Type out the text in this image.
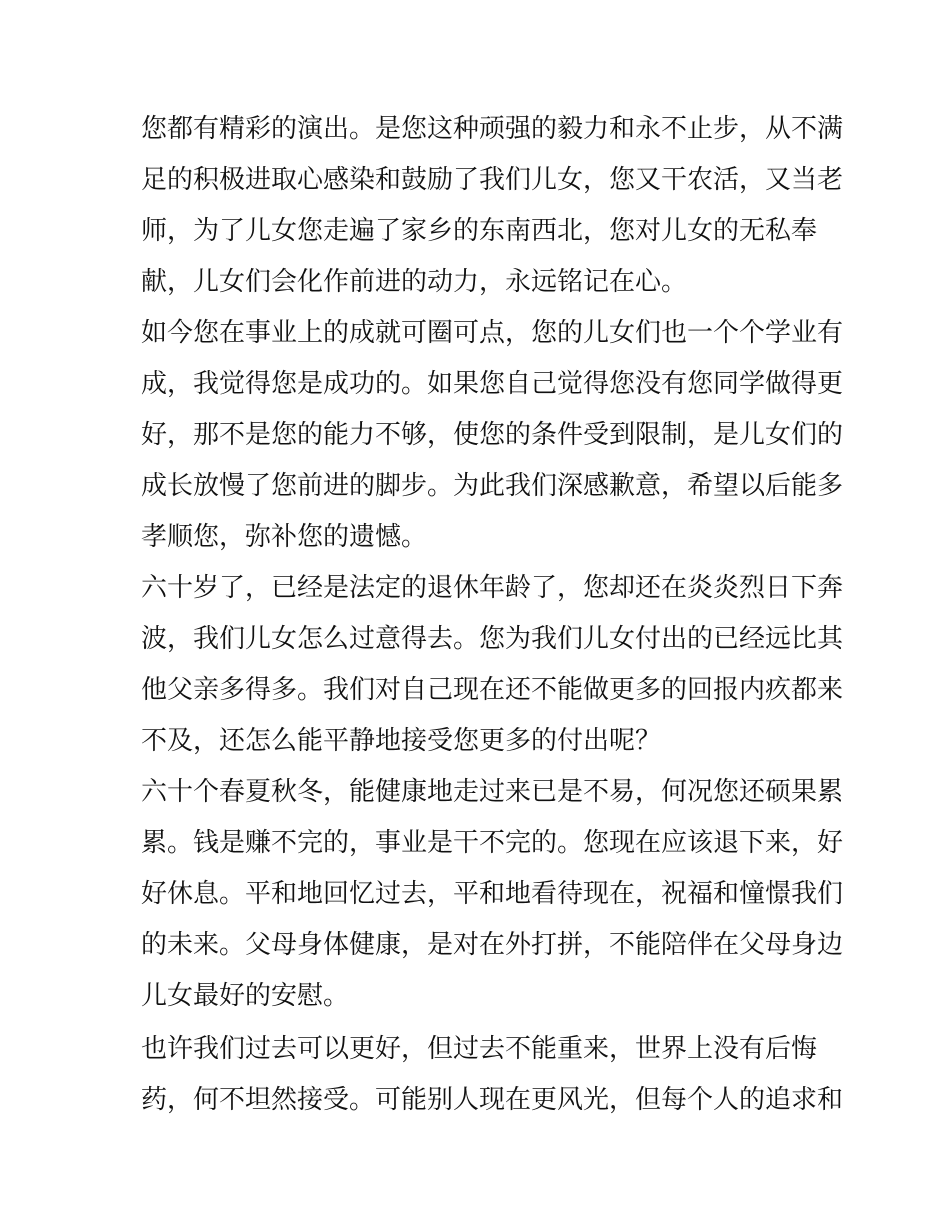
您都有精彩的演出。是您这种顽强的毅力和永不止步，从不满

足的积极进取心感染和鼓励了我们儿女，您又干农活，又当老

师，为了儿女您走遍了家乡的东南西北，您对儿女的无私奉

献，儿女们会化作前进的动力，永远铭记在心。

如今您在事业上的成就可圈可点，您的儿女们也一个个学业有

成，我觉得您是成功的。如果您自己觉得您没有您同学做得更

好，那不是您的能力不够，使您的条件受到限制，是儿女们的

成长放慢了您前进的脚步。为此我们深感歉意，希望以后能多

孝顺您，弥补您的遗憾。

六十岁了，已经是法定的退休年龄了，您却还在炎炎烈日下奔

波，我们儿女怎么过意得去。您为我们儿女付出的已经远比其

他父亲多得多。我们对自己现在还不能做更多的回报内疚都来

不及，还怎么能平静地接受您更多的付出呢？

六十个春夏秋冬，能健康地走过来已是不易，何况您还硕果累

累。钱是赚不完的，事业是干不完的。您现在应该退下来，好

好休息。平和地回忆过去，平和地看待现在，祝福和憧憬我们

的未来。父母身体健康，是对在外打拼，不能陪伴在父母身边

儿女最好的安慰。

也许我们过去可以更好，但过去不能重来，世界上没有后悔

药，何不坦然接受。可能别人现在更风光，但每个人的追求和
